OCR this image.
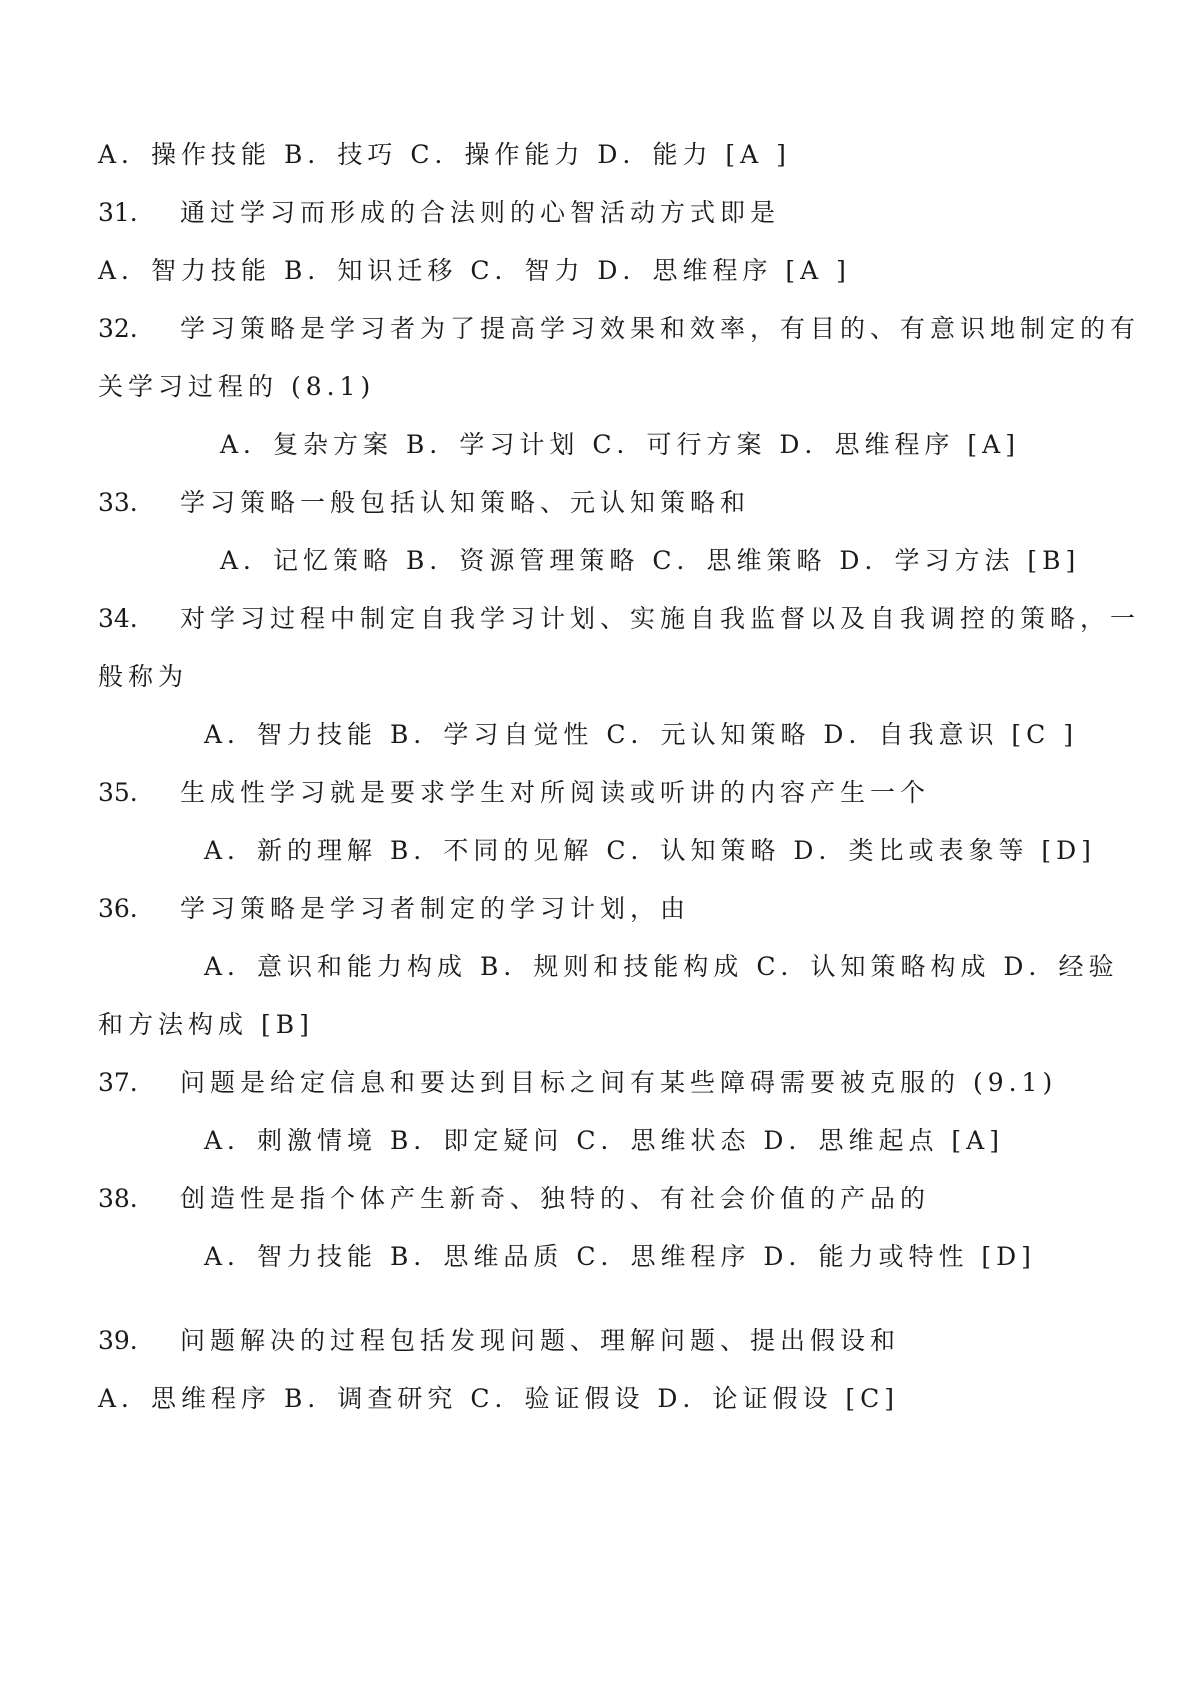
A．操作技能 B．技巧 C．操作能力 D．能力 [A ]
31. 通过学习而形成的合法则的心智活动方式即是
A．智力技能 B．知识迁移 C．智力 D．思维程序 [A ]
32. 学习策略是学习者为了提高学习效果和效率，有目的、有意识地制定的有
关学习过程的 (8.1)
A．复杂方案 B．学习计划 C．可行方案 D．思维程序 [A]
33. 学习策略一般包括认知策略、元认知策略和
A．记忆策略 B．资源管理策略 C．思维策略 D．学习方法 [B]
34. 对学习过程中制定自我学习计划、实施自我监督以及自我调控的策略，一
般称为
A．智力技能 B．学习自觉性 C．元认知策略 D．自我意识 [C ]
35. 生成性学习就是要求学生对所阅读或听讲的内容产生一个
A．新的理解 B．不同的见解 C．认知策略 D．类比或表象等 [D]
36. 学习策略是学习者制定的学习计划，由
A．意识和能力构成 B．规则和技能构成 C．认知策略构成 D．经验
和方法构成 [B]
37. 问题是给定信息和要达到目标之间有某些障碍需要被克服的 (9.1)
A．刺激情境 B．即定疑问 C．思维状态 D．思维起点 [A]
38. 创造性是指个体产生新奇、独特的、有社会价值的产品的
A．智力技能 B．思维品质 C．思维程序 D．能力或特性 [D]
39. 问题解决的过程包括发现问题、理解问题、提出假设和
A．思维程序 B．调查研究 C．验证假设 D．论证假设 [C]
